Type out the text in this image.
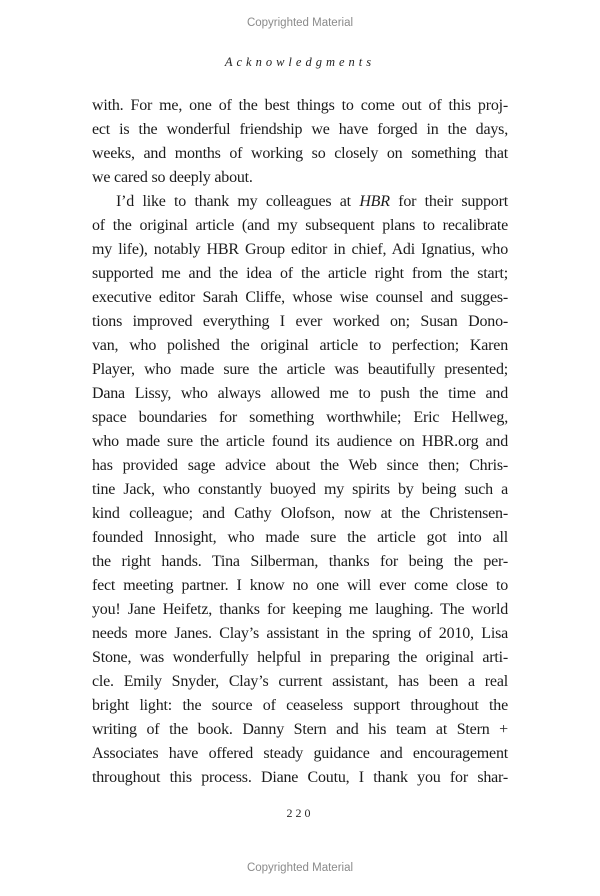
Copyrighted Material
Acknowledgments
with. For me, one of the best things to come out of this proj-
ect is the wonderful friendship we have forged in the days,
weeks, and months of working so closely on something that
we cared so deeply about.
I’d like to thank my colleagues at HBR for their support
of the original article (and my subsequent plans to recalibrate
my life), notably HBR Group editor in chief, Adi Ignatius, who
supported me and the idea of the article right from the start;
executive editor Sarah Cliffe, whose wise counsel and sugges-
tions improved everything I ever worked on; Susan Dono-
van, who polished the original article to perfection; Karen
Player, who made sure the article was beautifully presented;
Dana Lissy, who always allowed me to push the time and
space boundaries for something worthwhile; Eric Hellweg,
who made sure the article found its audience on HBR.org and
has provided sage advice about the Web since then; Chris-
tine Jack, who constantly buoyed my spirits by being such a
kind colleague; and Cathy Olofson, now at the Christensen-
founded Innosight, who made sure the article got into all
the right hands. Tina Silberman, thanks for being the per-
fect meeting partner. I know no one will ever come close to
you! Jane Heifetz, thanks for keeping me laughing. The world
needs more Janes. Clay’s assistant in the spring of 2010, Lisa
Stone, was wonderfully helpful in preparing the original arti-
cle. Emily Snyder, Clay’s current assistant, has been a real
bright light: the source of ceaseless support throughout the
writing of the book. Danny Stern and his team at Stern +
Associates have offered steady guidance and encouragement
throughout this process. Diane Coutu, I thank you for shar-
220
Copyrighted Material
